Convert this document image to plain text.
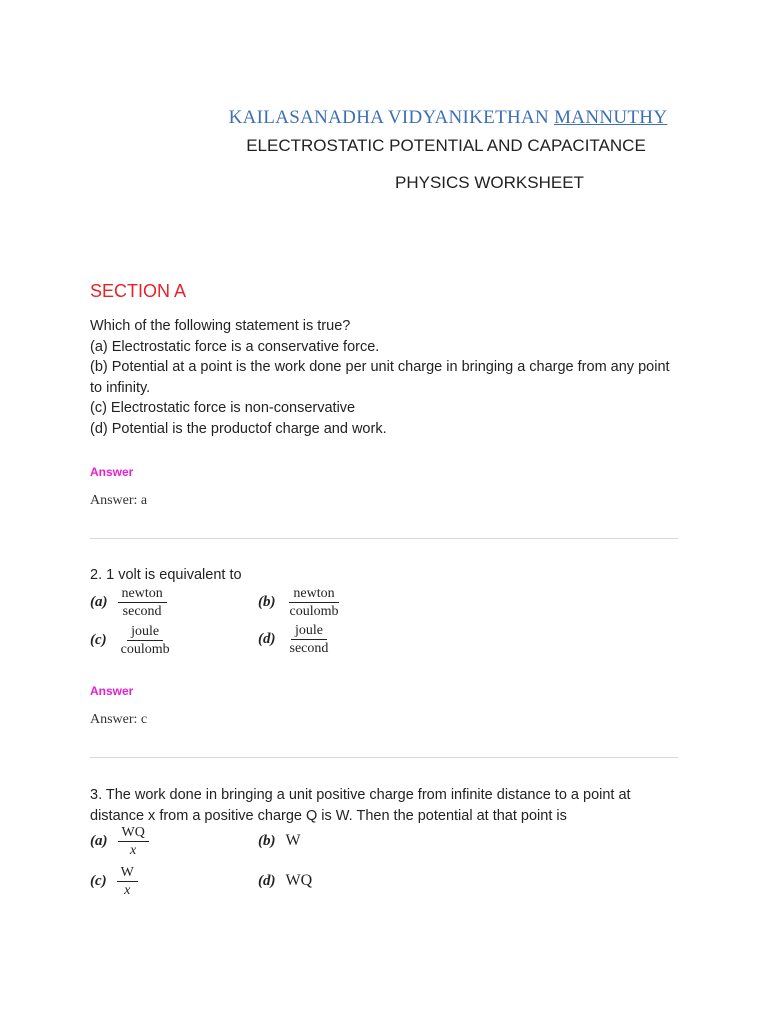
KAILASANADHA VIDYANIKETHAN MANNUTHY
ELECTROSTATIC POTENTIAL AND CAPACITANCE
PHYSICS WORKSHEET
SECTION A
Which of the following statement is true?
(a) Electrostatic force is a conservative force.
(b) Potential at a point is the work done per unit charge in bringing a charge from any point to infinity.
(c) Electrostatic force is non-conservative
(d) Potential is the productof charge and work.
Answer
Answer: a
2. 1 volt is equivalent to
$(a) \frac{\text{newton}}{\text{second}}$	$(b) \frac{\text{newton}}{\text{coulomb}}$
$(c) \frac{\text{joule}}{\text{coulomb}}$	$(d) \frac{\text{joule}}{\text{second}}$
Answer
Answer: c
3. The work done in bringing a unit positive charge from infinite distance to a point at distance x from a positive charge Q is W. Then the potential at that point is
$(a) \frac{WQ}{x}$	(b) W
$(c) \frac{W}{x}$	(d) WQ
